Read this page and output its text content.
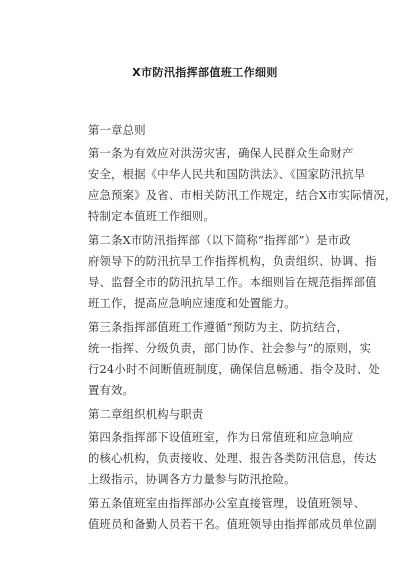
X市防汛指挥部值班工作细则
第一章总则
第一条为有效应对洪涝灾害，确保人民群众生命财产
安全，根据《中华人民共和国防洪法》、《国家防汛抗旱
应急预案》及省、市相关防汛工作规定，结合X市实际情况，
特制定本值班工作细则。
第二条X市防汛指挥部（以下简称“指挥部”）是市政
府领导下的防汛抗旱工作指挥机构，负责组织、协调、指
导、监督全市的防汛抗旱工作。本细则旨在规范指挥部值
班工作，提高应急响应速度和处置能力。
第三条指挥部值班工作遵循“预防为主、防抗结合，
统一指挥、分级负责，部门协作、社会参与”的原则，实
行24小时不间断值班制度，确保信息畅通、指令及时、处
置有效。
第二章组织机构与职责
第四条指挥部下设值班室，作为日常值班和应急响应
的核心机构，负责接收、处理、报告各类防汛信息，传达
上级指示，协调各方力量参与防汛抢险。
第五条值班室由指挥部办公室直接管理，设值班领导、
值班员和备勤人员若干名。值班领导由指挥部成员单位副
